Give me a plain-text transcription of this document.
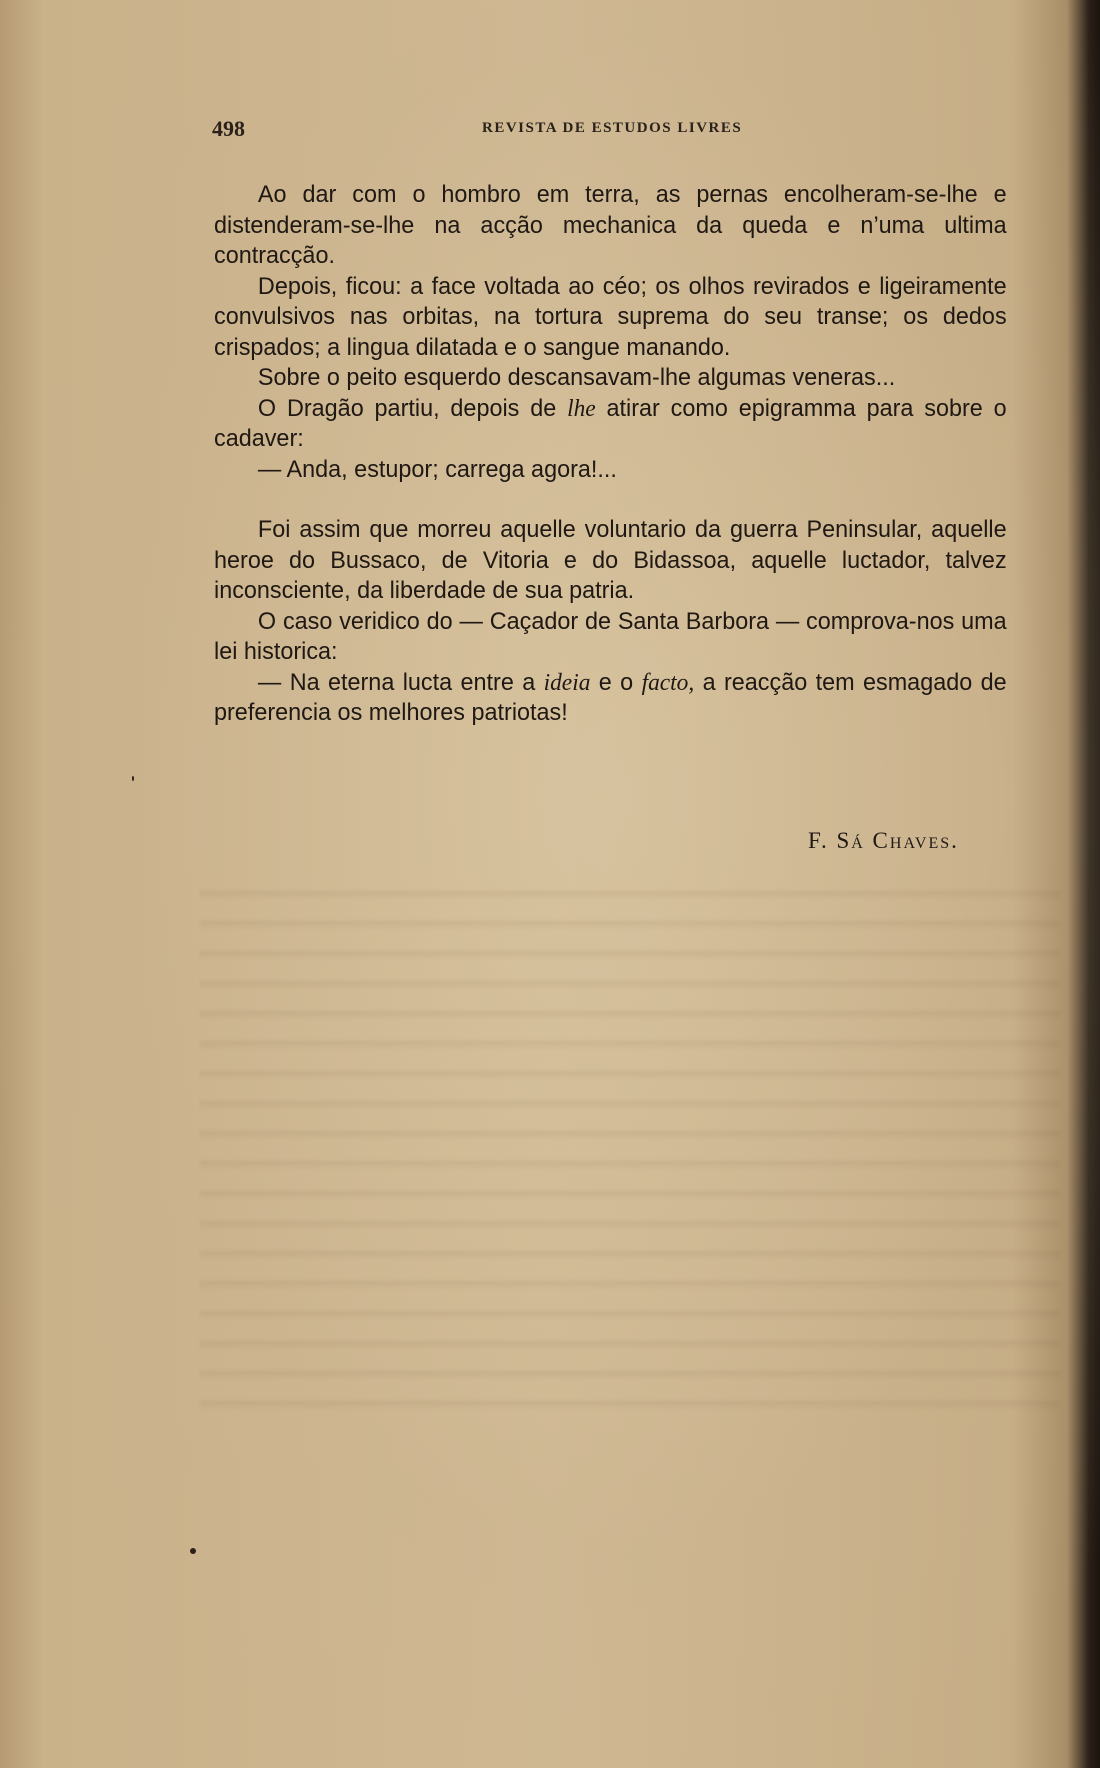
498	REVISTA DE ESTUDOS LIVRES

Ao dar com o hombro em terra, as pernas encolheram-se-lhe e distenderam-se-lhe na acção mechanica da queda e n’uma ultima contracção.

Depois, ficou: a face voltada ao céo; os olhos revirados e ligeiramente convulsivos nas orbitas, na tortura suprema do seu transe; os dedos crispados; a lingua dilatada e o sangue manando.

Sobre o peito esquerdo descansavam-lhe algumas veneras...

O Dragão partiu, depois de lhe atirar como epigramma para sobre o cadaver:

— Anda, estupor; carrega agora!...

Foi assim que morreu aquelle voluntario da guerra Peninsular, aquelle heroe do Bussaco, de Vitoria e do Bidassoa, aquelle luctador, talvez inconsciente, da liberdade de sua patria.

O caso veridico do — Caçador de Santa Barbora — comprova-nos uma lei historica:

— Na eterna lucta entre a ideia e o facto, a reacção tem esmagado de preferencia os melhores patriotas!

F. Sá Chaves.
